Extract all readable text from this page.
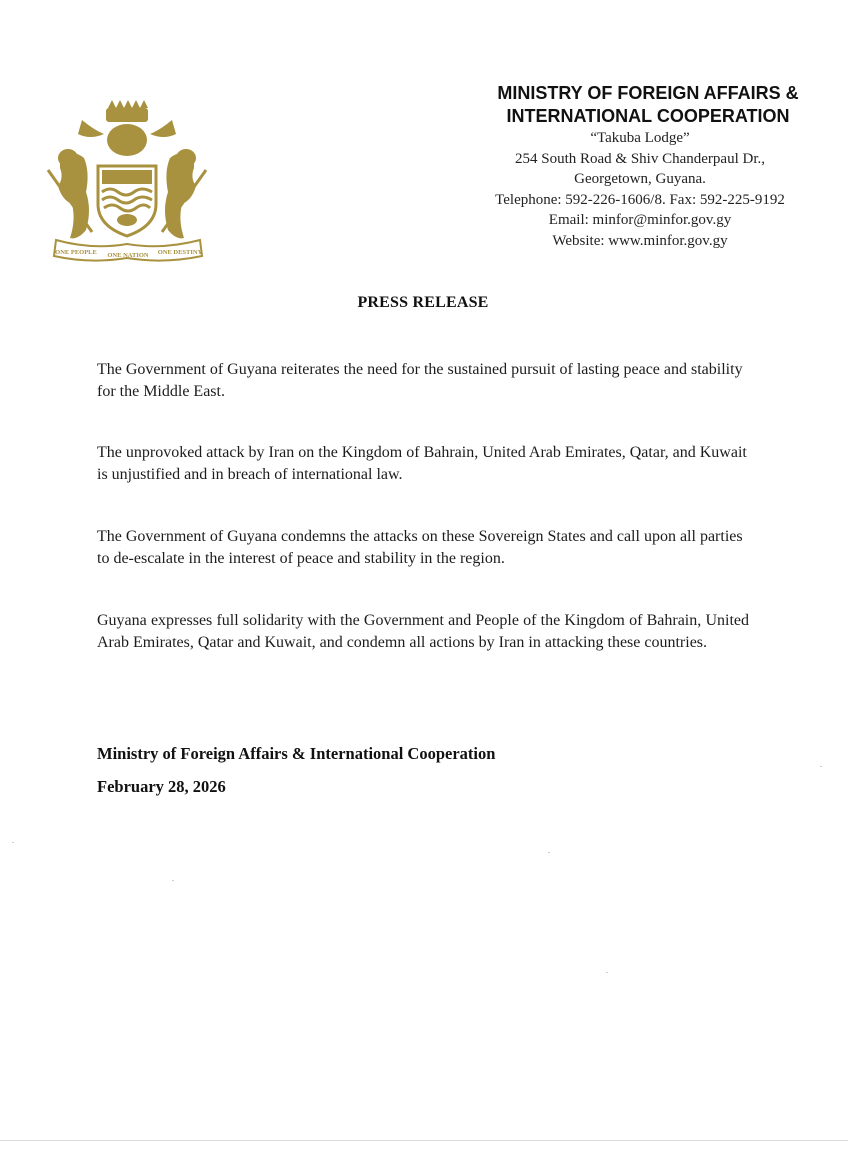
ONE PEOPLE ONE NATION ONE DESTINY
MINISTRY OF FOREIGN AFFAIRS &
INTERNATIONAL COOPERATION
“Takuba Lodge”
254 South Road & Shiv Chanderpaul Dr.,
Georgetown, Guyana.
Telephone: 592-226-1606/8. Fax: 592-225-9192
Email: minfor@minfor.gov.gy
Website: www.minfor.gov.gy
PRESS RELEASE
The Government of Guyana reiterates the need for the sustained pursuit of lasting peace and stability for the Middle East.
The unprovoked attack by Iran on the Kingdom of Bahrain, United Arab Emirates, Qatar, and Kuwait is unjustified and in breach of international law.
The Government of Guyana condemns the attacks on these Sovereign States and call upon all parties to de-escalate in the interest of peace and stability in the region.
Guyana expresses full solidarity with the Government and People of the Kingdom of Bahrain, United Arab Emirates, Qatar and Kuwait, and condemn all actions by Iran in attacking these countries.
Ministry of Foreign Affairs & International Cooperation
February 28, 2026
